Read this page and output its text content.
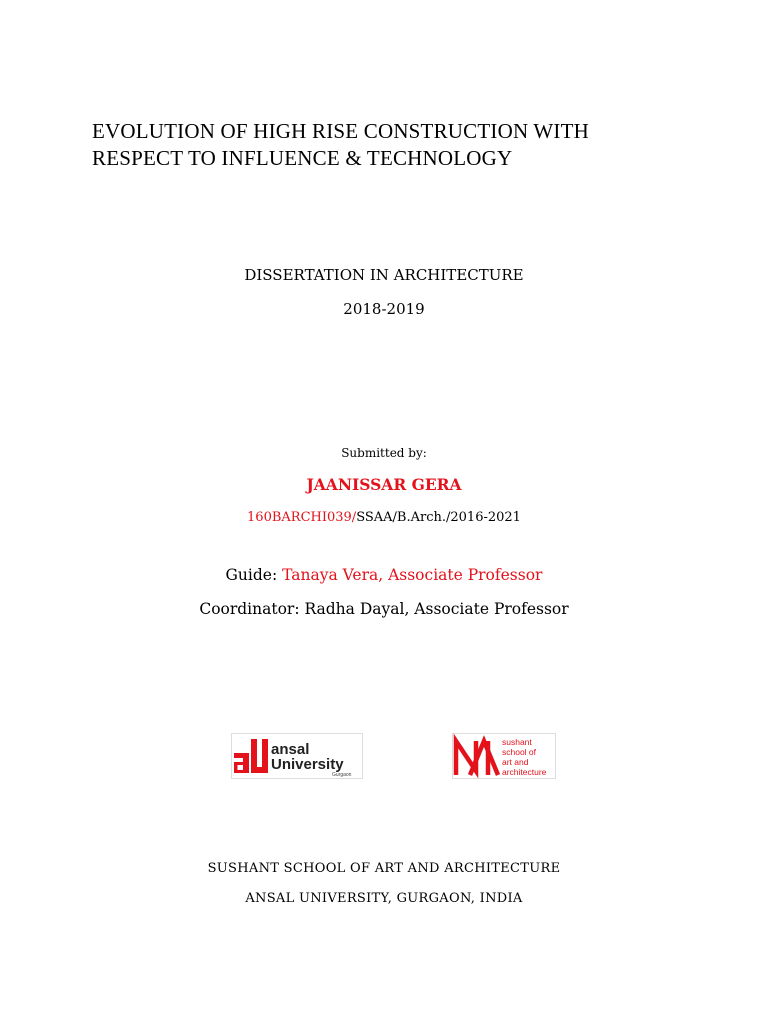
EVOLUTION OF HIGH RISE CONSTRUCTION WITH
RESPECT TO INFLUENCE & TECHNOLOGY
DISSERTATION IN ARCHITECTURE
2018-2019
Submitted by:
JAANISSAR GERA
160BARCHI039/SSAA/B.Arch./2016-2021
Guide: Tanaya Vera, Associate Professor
Coordinator: Radha Dayal, Associate Professor
ansal
University
Gurgaon
sushant
school of
art and
architecture
SUSHANT SCHOOL OF ART AND ARCHITECTURE
ANSAL UNIVERSITY, GURGAON, INDIA
